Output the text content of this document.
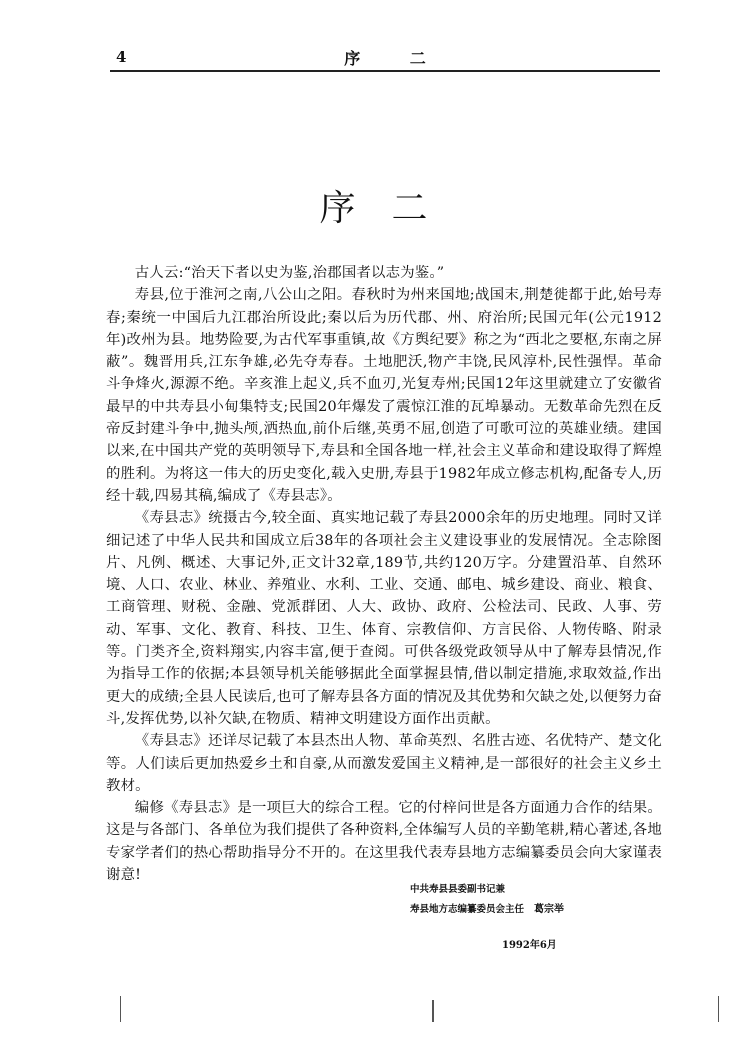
4	序 二
序二

古人云:“治天下者以史为鉴,治郡国者以志为鉴。”

寿县,位于淮河之南,八公山之阳。春秋时为州来国地;战国末,荆楚徙都于此,始号寿春;秦统一中国后九江郡治所设此;秦以后为历代郡、州、府治所;民国元年(公元1912年)改州为县。地势险要,为古代军事重镇,故《方舆纪要》称之为“西北之要枢,东南之屏蔽”。魏晋用兵,江东争雄,必先夺寿春。土地肥沃,物产丰饶,民风淳朴,民性强悍。革命斗争烽火,源源不绝。辛亥淮上起义,兵不血刃,光复寿州;民国12年这里就建立了安徽省最早的中共寿县小甸集特支;民国20年爆发了震惊江淮的瓦埠暴动。无数革命先烈在反帝反封建斗争中,抛头颅,洒热血,前仆后继,英勇不屈,创造了可歌可泣的英雄业绩。建国以来,在中国共产党的英明领导下,寿县和全国各地一样,社会主义革命和建设取得了辉煌的胜利。为将这一伟大的历史变化,载入史册,寿县于1982年成立修志机构,配备专人,历经十载,四易其稿,编成了《寿县志》。

《寿县志》统摄古今,较全面、真实地记载了寿县2000余年的历史地理。同时又详细记述了中华人民共和国成立后38年的各项社会主义建设事业的发展情况。全志除图片、凡例、概述、大事记外,正文计32章,189节,共约120万字。分建置沿革、自然环境、人口、农业、林业、养殖业、水利、工业、交通、邮电、城乡建设、商业、粮食、工商管理、财税、金融、党派群团、人大、政协、政府、公检法司、民政、人事、劳动、军事、文化、教育、科技、卫生、体育、宗教信仰、方言民俗、人物传略、附录等。门类齐全,资料翔实,内容丰富,便于查阅。可供各级党政领导从中了解寿县情况,作为指导工作的依据;本县领导机关能够据此全面掌握县情,借以制定措施,求取效益,作出更大的成绩;全县人民读后,也可了解寿县各方面的情况及其优势和欠缺之处,以便努力奋斗,发挥优势,以补欠缺,在物质、精神文明建设方面作出贡献。

《寿县志》还详尽记载了本县杰出人物、革命英烈、名胜古迹、名优特产、楚文化等。人们读后更加热爱乡土和自豪,从而激发爱国主义精神,是一部很好的社会主义乡土教材。

编修《寿县志》是一项巨大的综合工程。它的付梓问世是各方面通力合作的结果。这是与各部门、各单位为我们提供了各种资料,全体编写人员的辛勤笔耕,精心著述,各地专家学者们的热心帮助指导分不开的。在这里我代表寿县地方志编纂委员会向大家谨表谢意!

中共寿县县委副书记兼
寿县地方志编纂委员会主任 葛宗举
1992年6月
